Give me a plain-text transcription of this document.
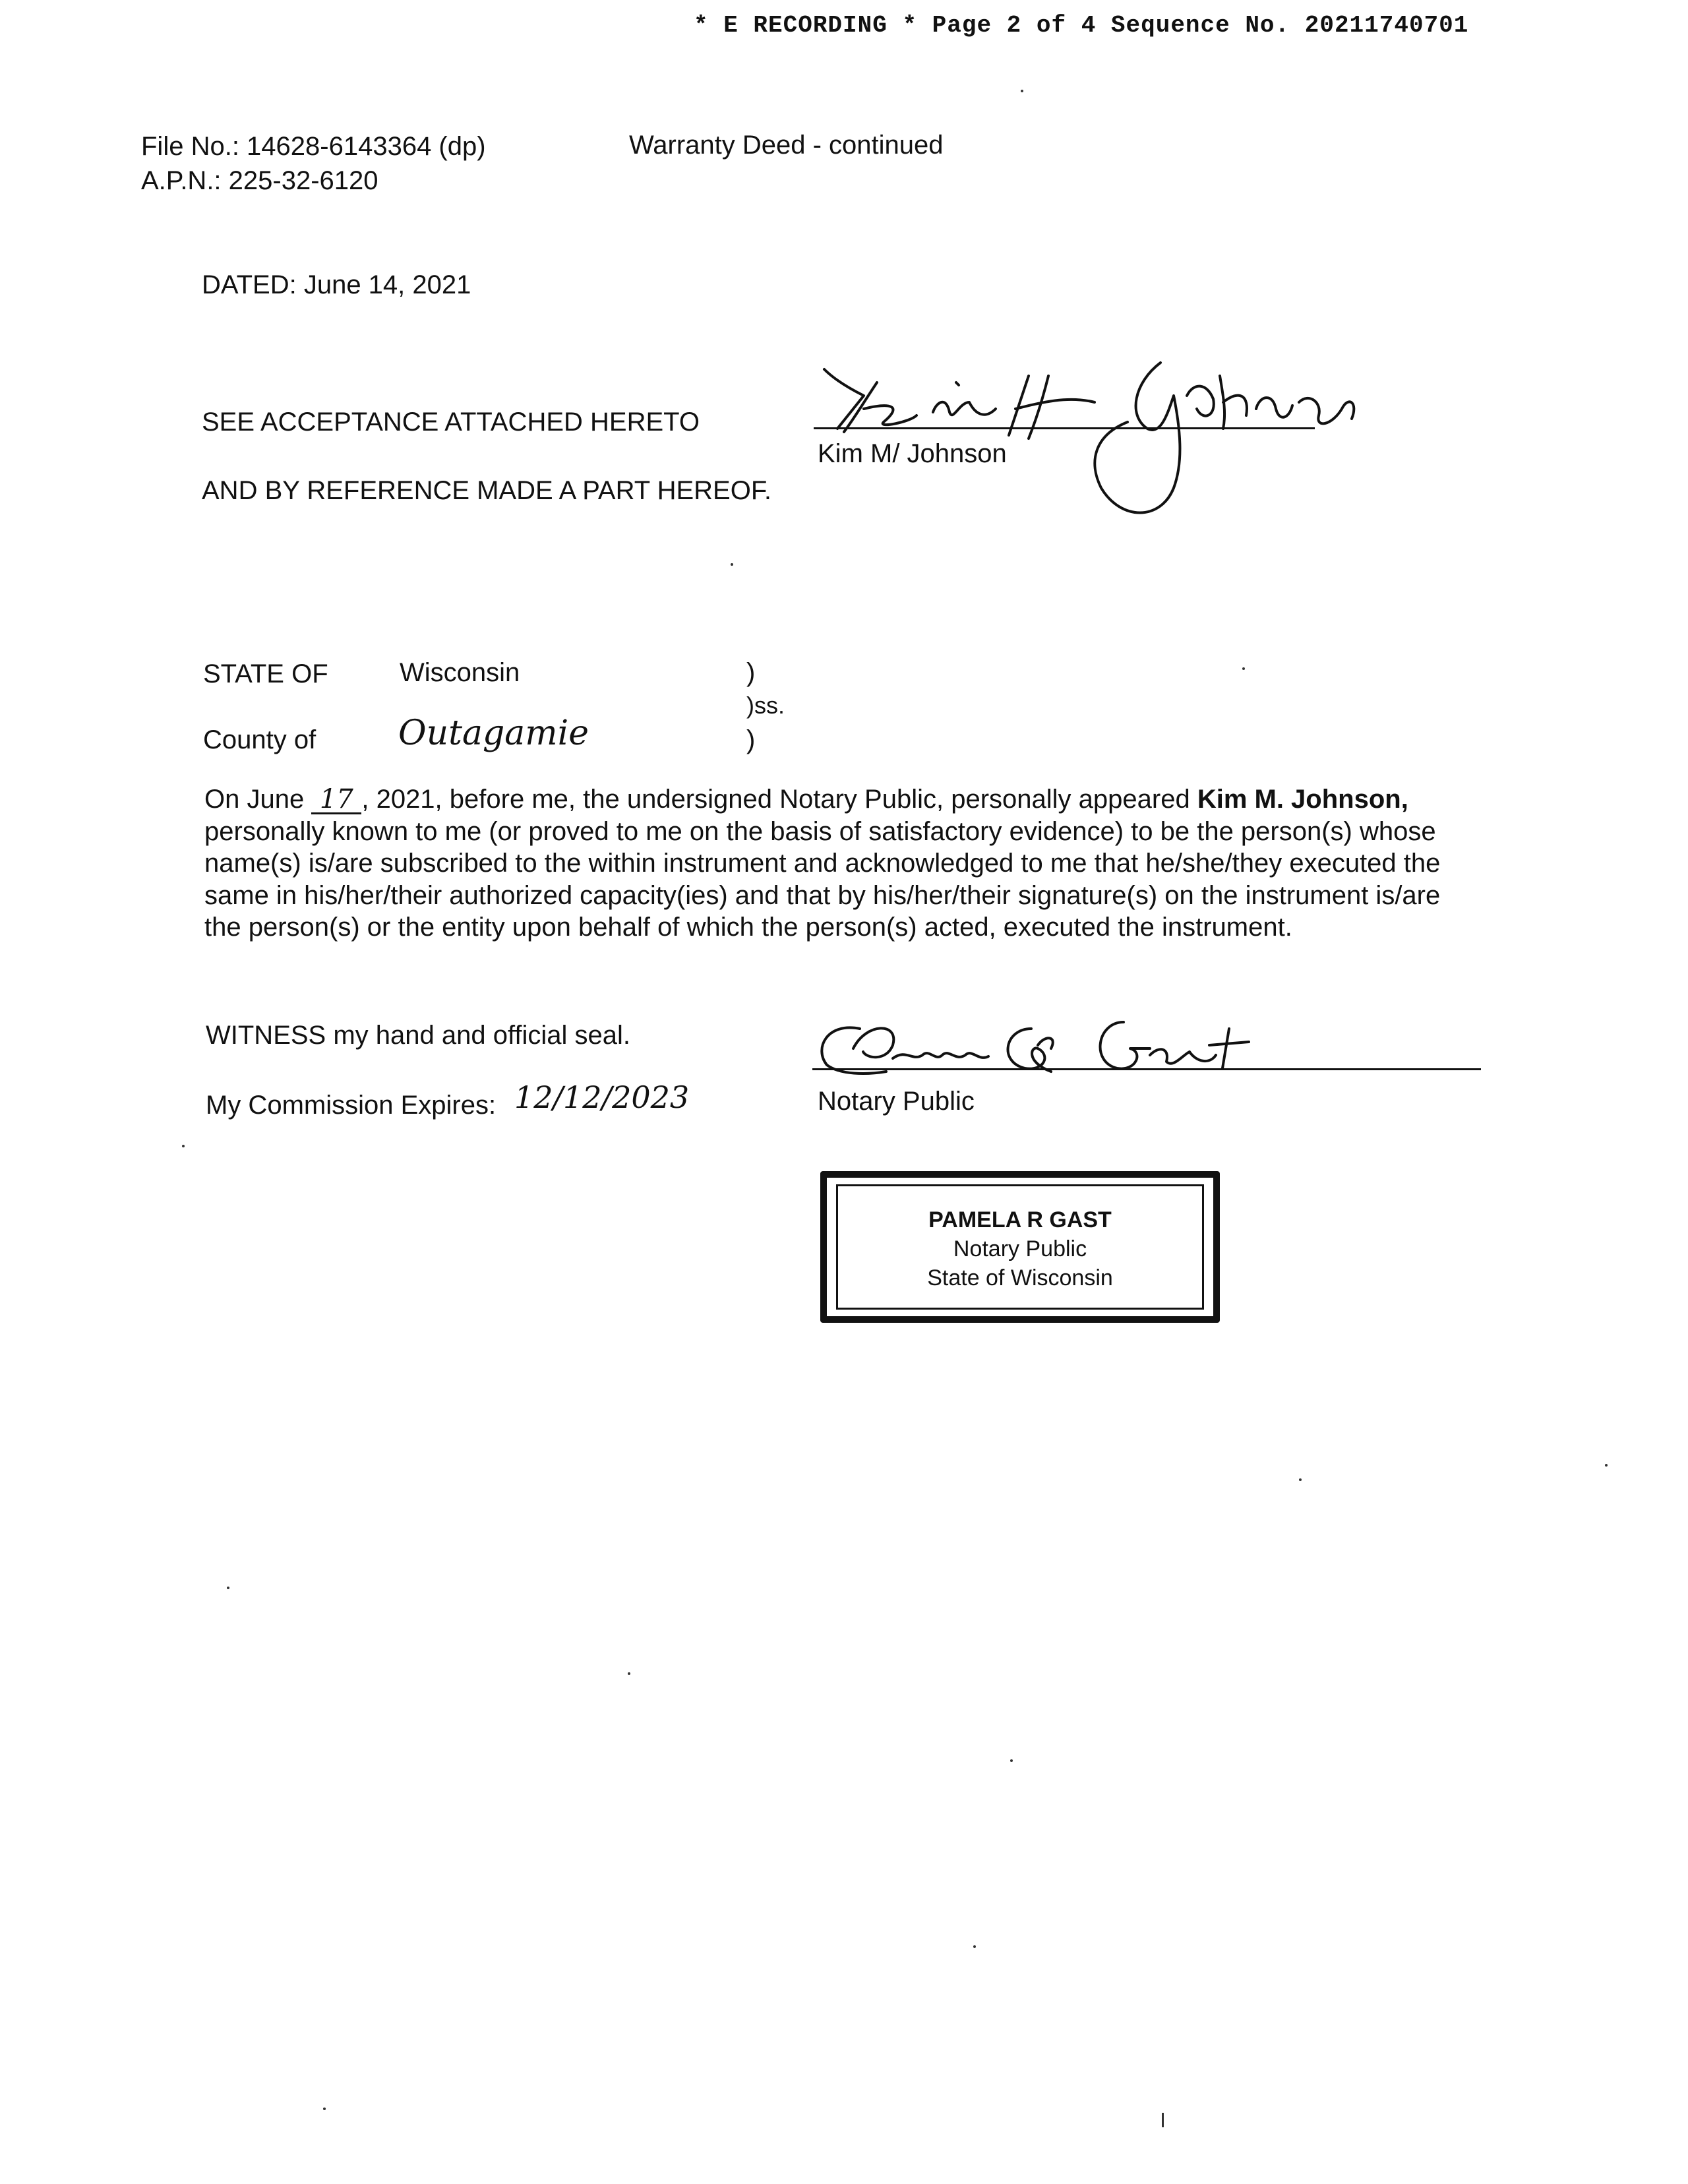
* E RECORDING * Page 2 of 4 Sequence No. 20211740701
File No.: 14628-6143364 (dp)
A.P.N.: 225-32-6120
Warranty Deed - continued
DATED: June 14, 2021
SEE ACCEPTANCE ATTACHED HERETO
AND BY REFERENCE MADE A PART HEREOF.
Kim M/ Johnson
STATE OF	Wisconsin
County of Outagamie
)
)ss.
)
On June 17 , 2021, before me, the undersigned Notary Public, personally appeared Kim M. Johnson, personally known to me (or proved to me on the basis of satisfactory evidence) to be the person(s) whose name(s) is/are subscribed to the within instrument and acknowledged to me that he/she/they executed the same in his/her/their authorized capacity(ies) and that by his/her/their signature(s) on the instrument is/are the person(s) or the entity upon behalf of which the person(s) acted, executed the instrument.
WITNESS my hand and official seal.
My Commission Expires: 12/12/2023	Notary Public
PAMELA R GAST
Notary Public
State of Wisconsin
